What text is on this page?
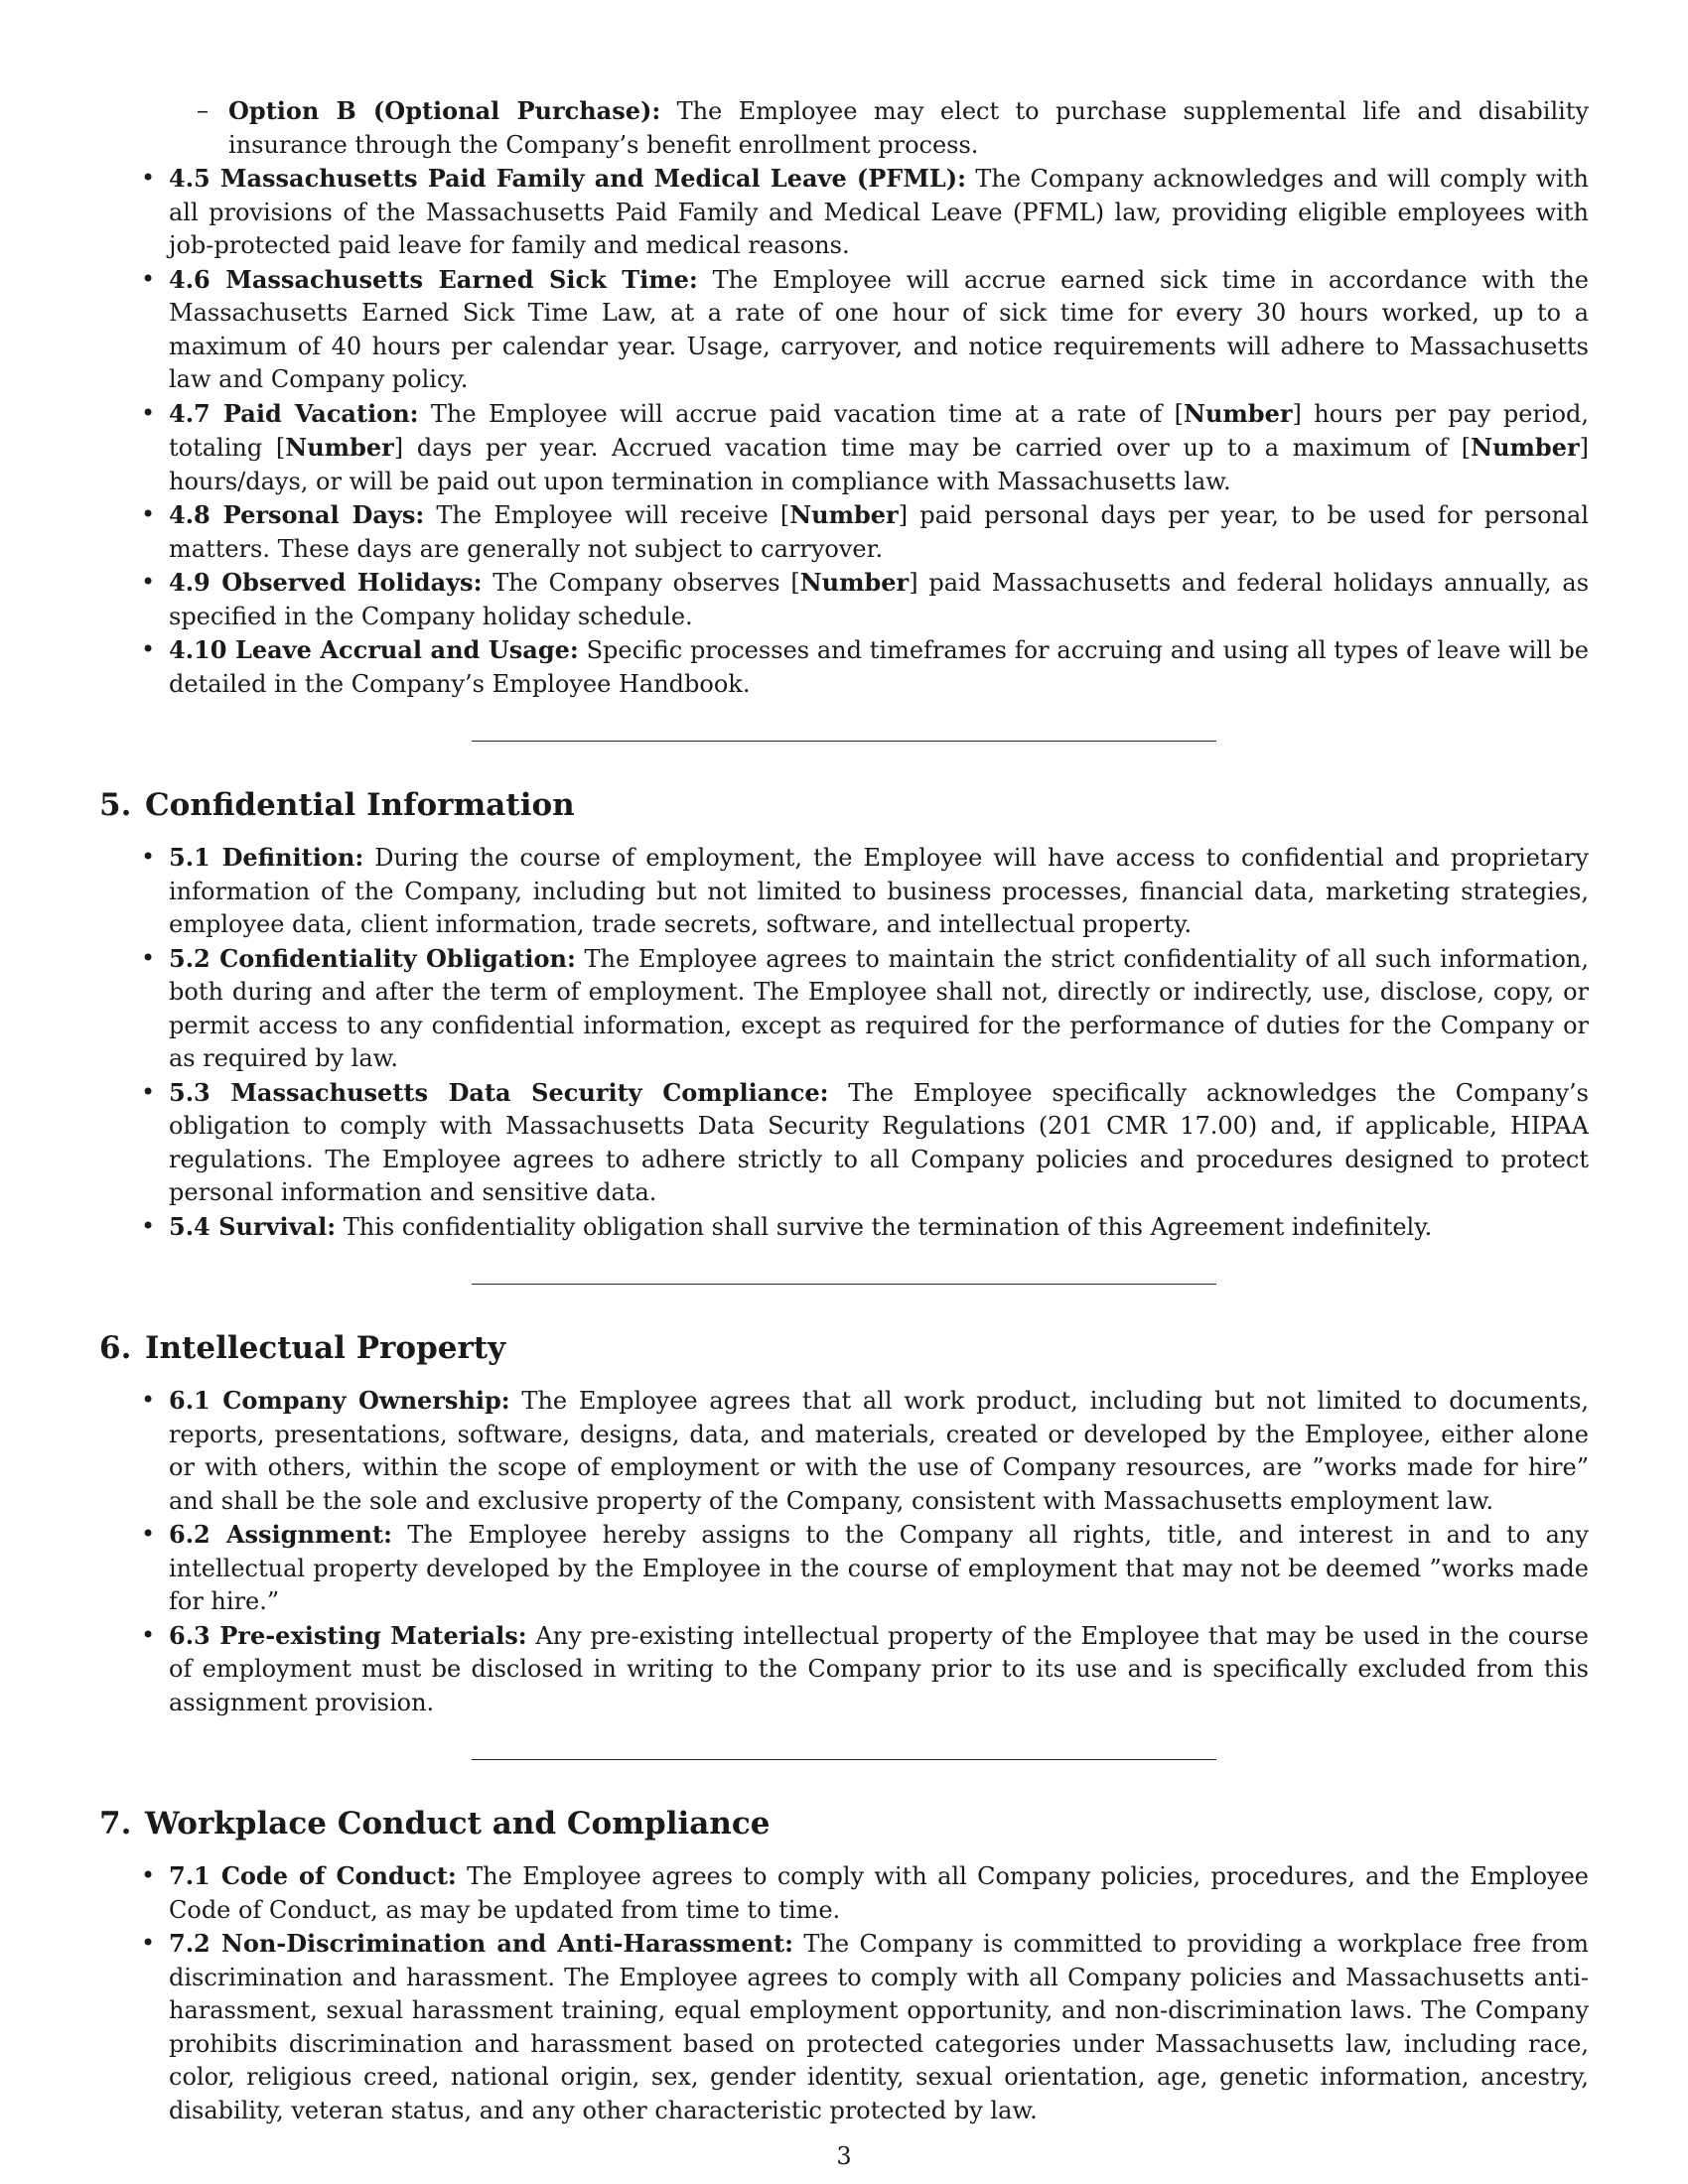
– Option B (Optional Purchase): The Employee may elect to purchase supplemental life and disability insurance through the Company’s benefit enrollment process.
• 4.5 Massachusetts Paid Family and Medical Leave (PFML): The Company acknowledges and will comply with all provisions of the Massachusetts Paid Family and Medical Leave (PFML) law, providing eligible employees with job-protected paid leave for family and medical reasons.
• 4.6 Massachusetts Earned Sick Time: The Employee will accrue earned sick time in accordance with the Massachusetts Earned Sick Time Law, at a rate of one hour of sick time for every 30 hours worked, up to a maximum of 40 hours per calendar year. Usage, carryover, and notice requirements will adhere to Massachusetts law and Company policy.
• 4.7 Paid Vacation: The Employee will accrue paid vacation time at a rate of [Number] hours per pay period, totaling [Number] days per year. Accrued vacation time may be carried over up to a maximum of [Number] hours/days, or will be paid out upon termination in compliance with Massachusetts law.
• 4.8 Personal Days: The Employee will receive [Number] paid personal days per year, to be used for personal matters. These days are generally not subject to carryover.
• 4.9 Observed Holidays: The Company observes [Number] paid Massachusetts and federal holidays annually, as specified in the Company holiday schedule.
• 4.10 Leave Accrual and Usage: Specific processes and timeframes for accruing and using all types of leave will be detailed in the Company’s Employee Handbook.
5. Confidential Information
• 5.1 Definition: During the course of employment, the Employee will have access to confidential and proprietary information of the Company, including but not limited to business processes, financial data, marketing strategies, employee data, client information, trade secrets, software, and intellectual property.
• 5.2 Confidentiality Obligation: The Employee agrees to maintain the strict confidentiality of all such information, both during and after the term of employment. The Employee shall not, directly or indirectly, use, disclose, copy, or permit access to any confidential information, except as required for the performance of duties for the Company or as required by law.
• 5.3 Massachusetts Data Security Compliance: The Employee specifically acknowledges the Company’s obligation to comply with Massachusetts Data Security Regulations (201 CMR 17.00) and, if applicable, HIPAA regulations. The Employee agrees to adhere strictly to all Company policies and procedures designed to protect personal information and sensitive data.
• 5.4 Survival: This confidentiality obligation shall survive the termination of this Agreement indefinitely.
6. Intellectual Property
• 6.1 Company Ownership: The Employee agrees that all work product, including but not limited to documents, reports, presentations, software, designs, data, and materials, created or developed by the Employee, either alone or with others, within the scope of employment or with the use of Company resources, are ”works made for hire” and shall be the sole and exclusive property of the Company, consistent with Massachusetts employment law.
• 6.2 Assignment: The Employee hereby assigns to the Company all rights, title, and interest in and to any intellectual property developed by the Employee in the course of employment that may not be deemed ”works made for hire.”
• 6.3 Pre-existing Materials: Any pre-existing intellectual property of the Employee that may be used in the course of employment must be disclosed in writing to the Company prior to its use and is specifically excluded from this assignment provision.
7. Workplace Conduct and Compliance
• 7.1 Code of Conduct: The Employee agrees to comply with all Company policies, procedures, and the Employee Code of Conduct, as may be updated from time to time.
• 7.2 Non-Discrimination and Anti-Harassment: The Company is committed to providing a workplace free from discrimination and harassment. The Employee agrees to comply with all Company policies and Massachusetts anti-harassment, sexual harassment training, equal employment opportunity, and non-discrimination laws. The Company prohibits discrimination and harassment based on protected categories under Massachusetts law, including race, color, religious creed, national origin, sex, gender identity, sexual orientation, age, genetic information, ancestry, disability, veteran status, and any other characteristic protected by law.
3
